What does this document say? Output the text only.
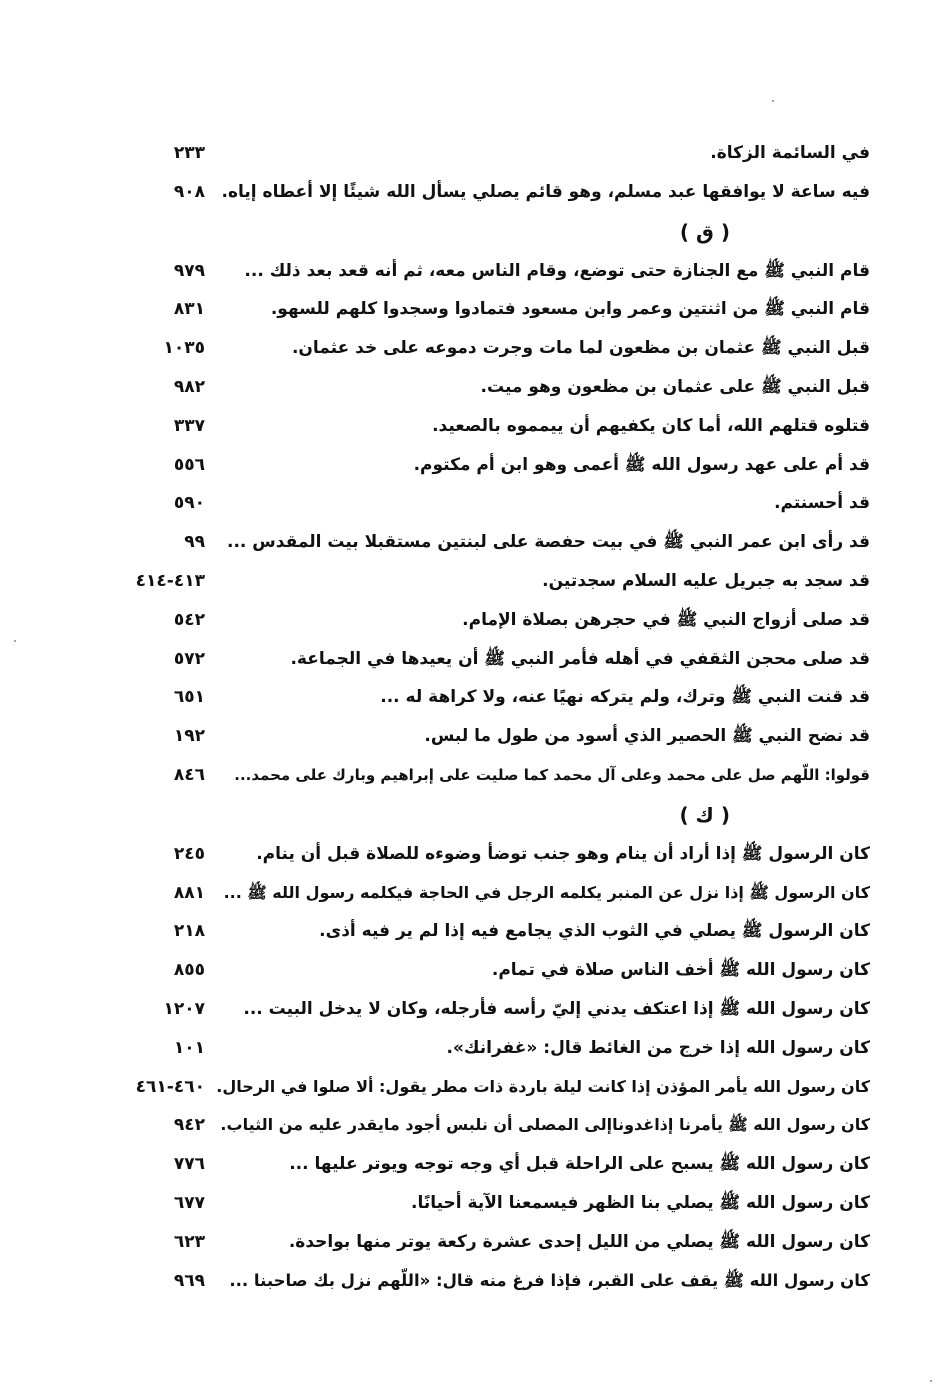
في السائمة الزكاة.
٢٣٣
فيه ساعة لا يوافقها عبد مسلم، وهو قائم يصلي يسأل الله شيئًا إلا أعطاه إياه.
٩٠٨
( ق )
قام النبي ﷺ مع الجنازة حتى توضع، وقام الناس معه، ثم أنه قعد بعد ذلك ...
٩٧٩
قام النبي ﷺ من اثنتين وعمر وابن مسعود فتمادوا وسجدوا كلهم للسهو.
٨٣١
قبل النبي ﷺ عثمان بن مظعون لما مات وجرت دموعه على خد عثمان.
١٠٣٥
قبل النبي ﷺ على عثمان بن مظعون وهو ميت.
٩٨٢
قتلوه قتلهم الله، أما كان يكفيهم أن ييمموه بالصعيد.
٣٣٧
قد أم على عهد رسول الله ﷺ أعمى وهو ابن أم مكتوم.
٥٥٦
قد أحسنتم.
٥٩٠
قد رأى ابن عمر النبي ﷺ في بيت حفصة على لبنتين مستقبلا بيت المقدس ...
٩٩
قد سجد به جبريل عليه السلام سجدتين.
٤١٣-٤١٤
قد صلى أزواج النبي ﷺ في حجرهن بصلاة الإمام.
٥٤٢
قد صلى محجن الثقفي في أهله فأمر النبي ﷺ أن يعيدها في الجماعة.
٥٧٢
قد قنت النبي ﷺ وترك، ولم يتركه نهيًا عنه، ولا كراهة له ...
٦٥١
قد نضح النبي ﷺ الحصير الذي أسود من طول ما لبس.
١٩٢
قولوا: اللّهم صل على محمد وعلى آل محمد كما صليت على إبراهيم وبارك على محمد...
٨٤٦
( ك )
كان الرسول ﷺ إذا أراد أن ينام وهو جنب توضأ وضوءه للصلاة قبل أن ينام.
٢٤٥
كان الرسول ﷺ إذا نزل عن المنبر يكلمه الرجل في الحاجة فيكلمه رسول الله ﷺ ...
٨٨١
كان الرسول ﷺ يصلي في الثوب الذي يجامع فيه إذا لم ير فيه أذى.
٢١٨
كان رسول الله ﷺ أخف الناس صلاة في تمام.
٨٥٥
كان رسول الله ﷺ إذا اعتكف يدني إليّ رأسه فأرجله، وكان لا يدخل البيت ...
١٢٠٧
كان رسول الله إذا خرج من الغائط قال: «غفرانك».
١٠١
كان رسول الله يأمر المؤذن إذا كانت ليلة باردة ذات مطر يقول: ألا صلوا في الرحال.
٤٦٠-٤٦١
كان رسول الله ﷺ يأمرنا إذاغدوناإلى المصلى أن نلبس أجود مايقدر عليه من الثياب.
٩٤٢
كان رسول الله ﷺ يسبح على الراحلة قبل أي وجه توجه ويوتر عليها ...
٧٧٦
كان رسول الله ﷺ يصلي بنا الظهر فيسمعنا الآية أحيانًا.
٦٧٧
كان رسول الله ﷺ يصلي من الليل إحدى عشرة ركعة يوتر منها بواحدة.
٦٢٣
كان رسول الله ﷺ يقف على القبر، فإذا فرغ منه قال: «اللّهم نزل بك صاحبنا ...
٩٦٩
